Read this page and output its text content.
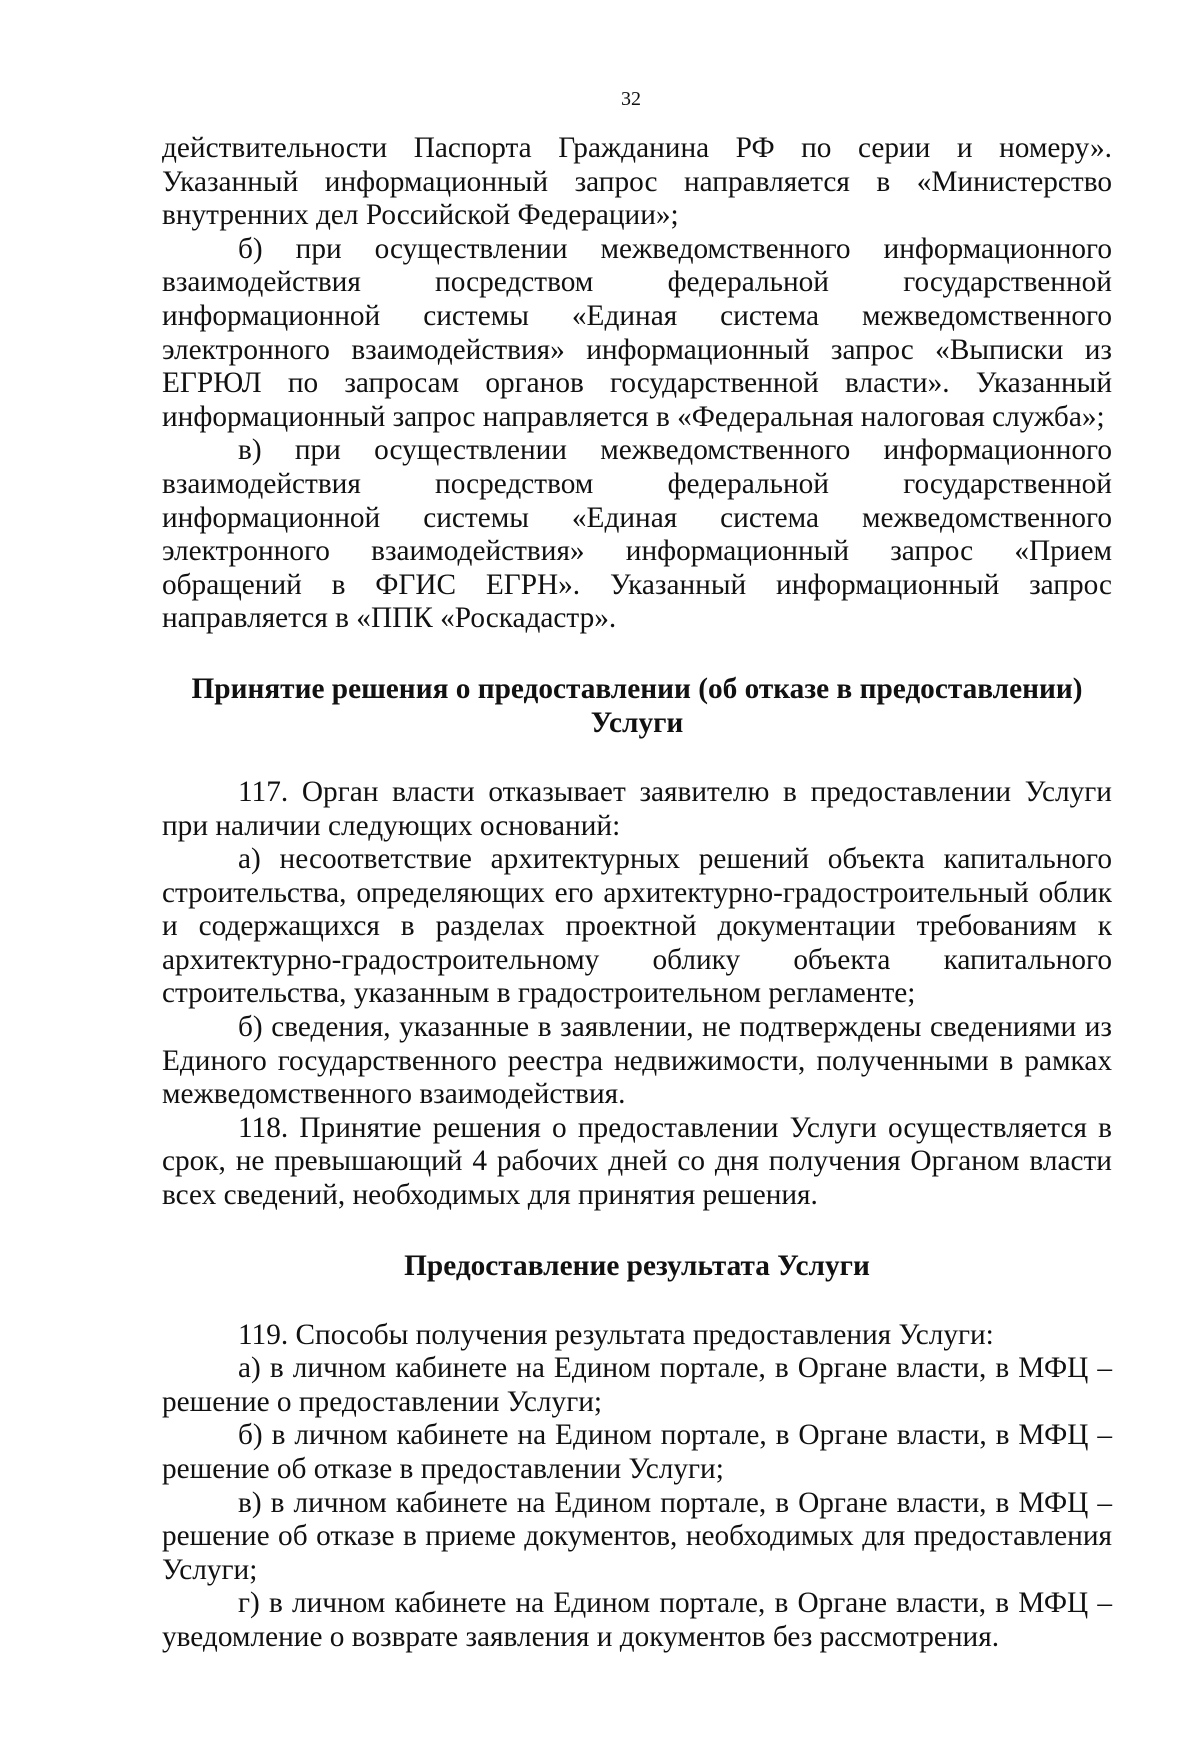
32

действительности Паспорта Гражданина РФ по серии и номеру». Указанный информационный запрос направляется в «Министерство внутренних дел Российской Федерации»;

б) при осуществлении межведомственного информационного взаимодействия посредством федеральной государственной информационной системы «Единая система межведомственного электронного взаимодействия» информационный запрос «Выписки из ЕГРЮЛ по запросам органов государственной власти». Указанный информационный запрос направляется в «Федеральная налоговая служба»;

в) при осуществлении межведомственного информационного взаимодействия посредством федеральной государственной информационной системы «Единая система межведомственного электронного взаимодействия» информационный запрос «Прием обращений в ФГИС ЕГРН». Указанный информационный запрос направляется в «ППК «Роскадастр».

Принятие решения о предоставлении (об отказе в предоставлении) Услуги

117. Орган власти отказывает заявителю в предоставлении Услуги при наличии следующих оснований:

а) несоответствие архитектурных решений объекта капитального строительства, определяющих его архитектурно-градостроительный облик и содержащихся в разделах проектной документации требованиям к архитектурно-градостроительному облику объекта капитального строительства, указанным в градостроительном регламенте;

б) сведения, указанные в заявлении, не подтверждены сведениями из Единого государственного реестра недвижимости, полученными в рамках межведомственного взаимодействия.

118. Принятие решения о предоставлении Услуги осуществляется в срок, не превышающий 4 рабочих дней со дня получения Органом власти всех сведений, необходимых для принятия решения.

Предоставление результата Услуги

119. Способы получения результата предоставления Услуги:

а) в личном кабинете на Едином портале, в Органе власти, в МФЦ – решение о предоставлении Услуги;

б) в личном кабинете на Едином портале, в Органе власти, в МФЦ – решение об отказе в предоставлении Услуги;

в) в личном кабинете на Едином портале, в Органе власти, в МФЦ – решение об отказе в приеме документов, необходимых для предоставления Услуги;

г) в личном кабинете на Едином портале, в Органе власти, в МФЦ – уведомление о возврате заявления и документов без рассмотрения.
